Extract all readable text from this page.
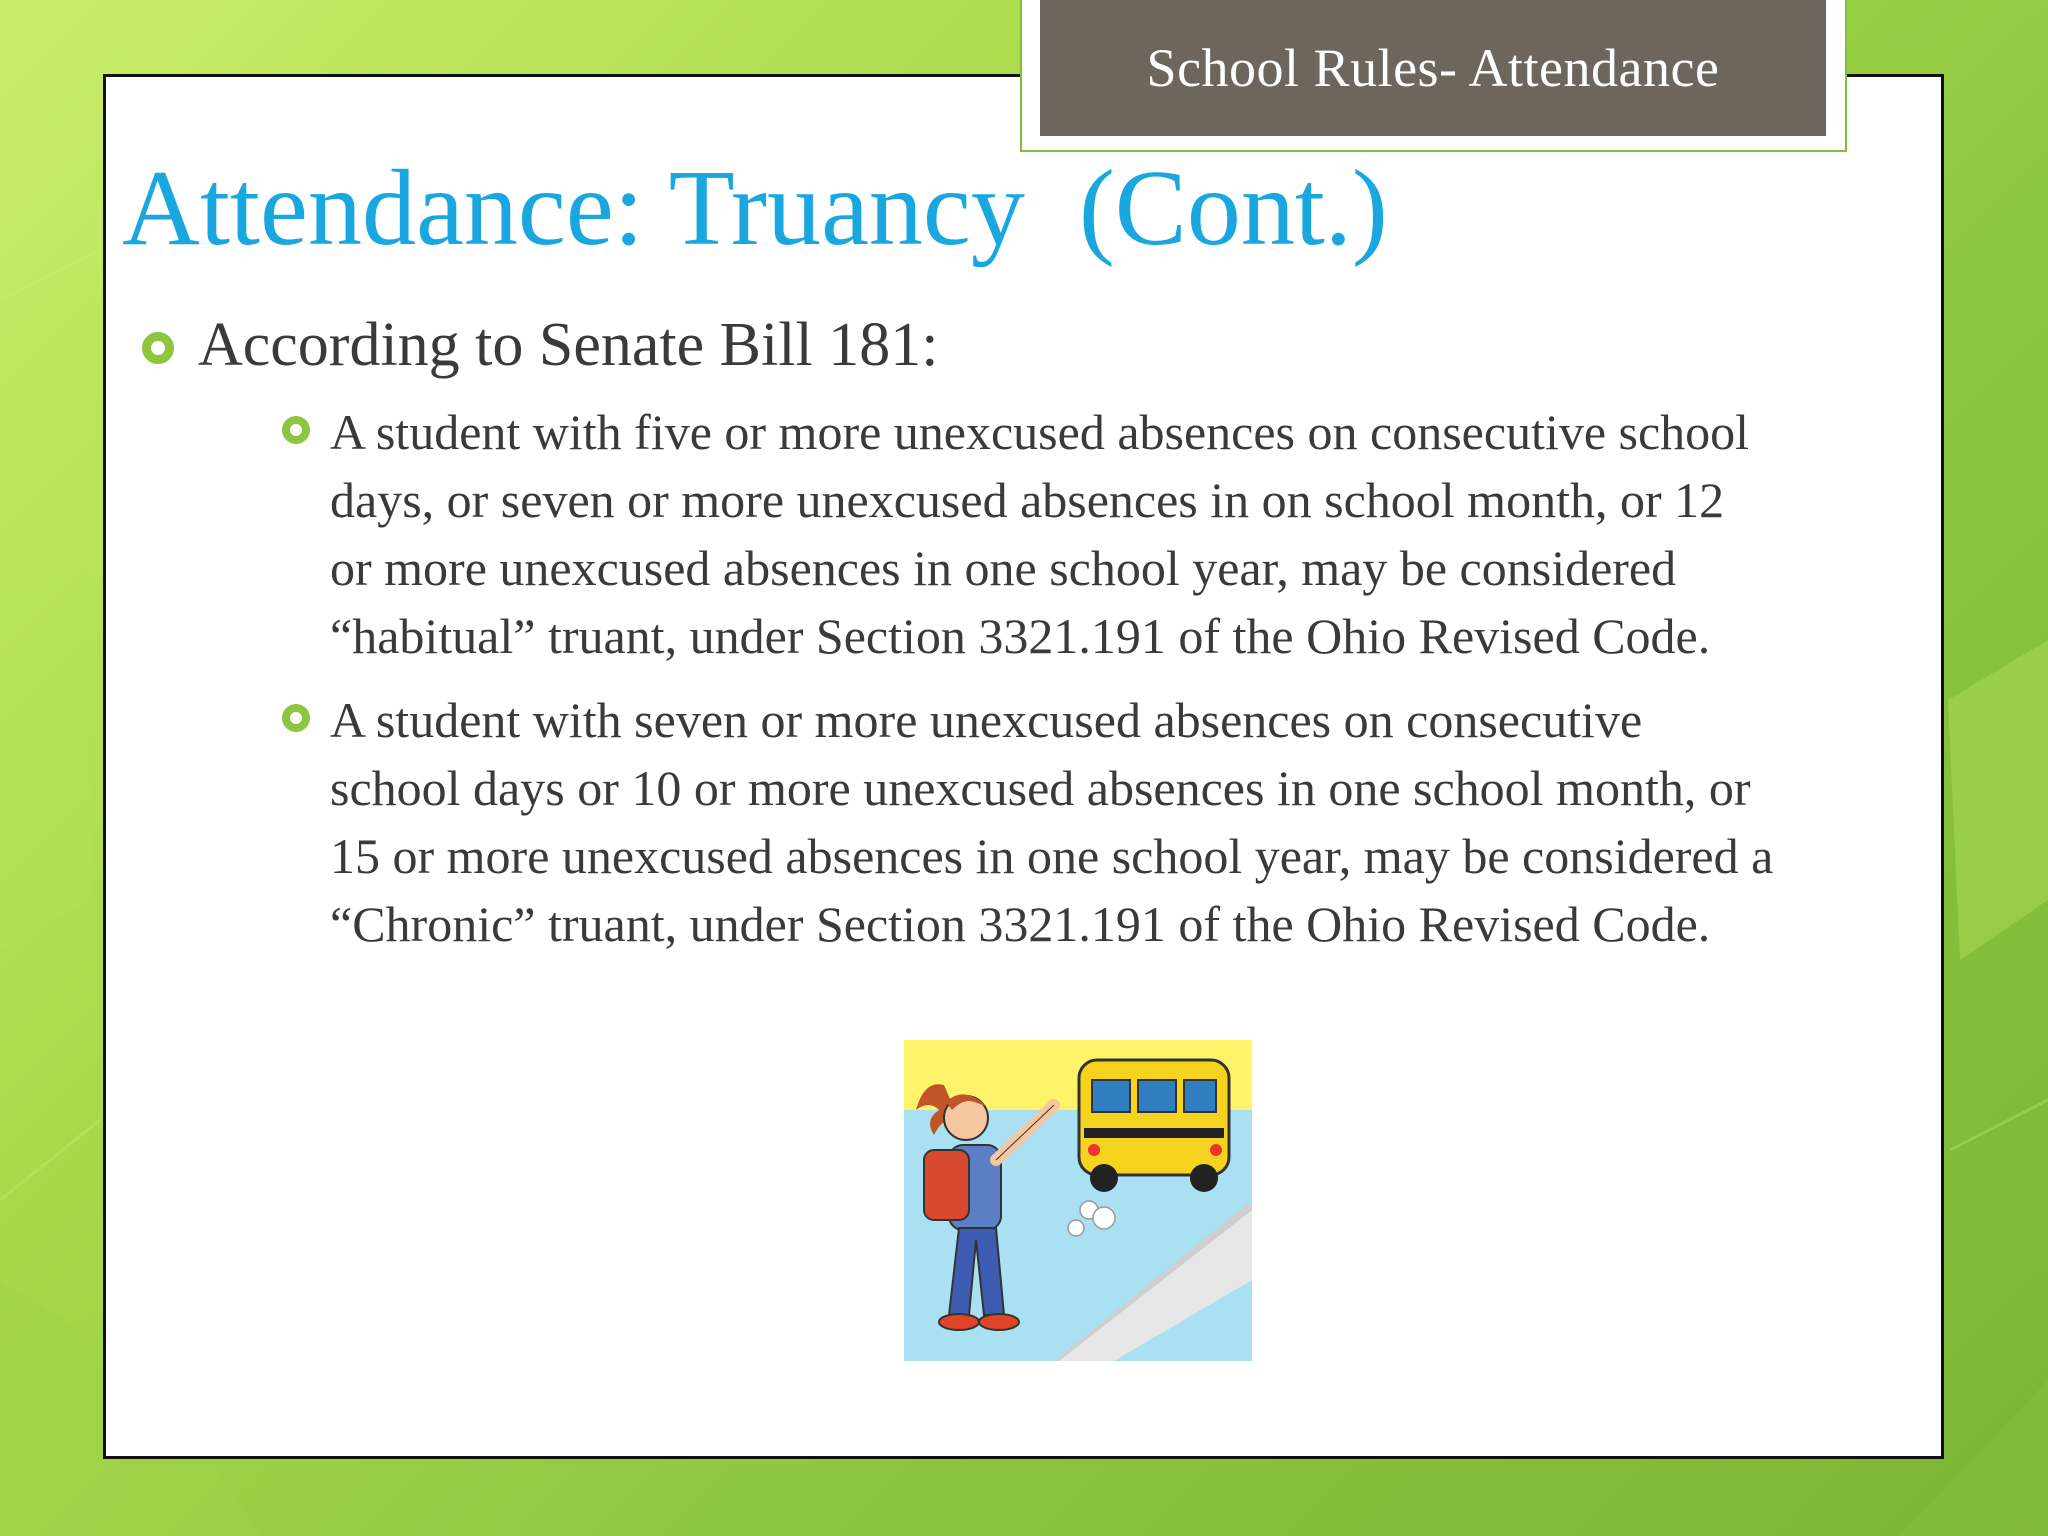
School Rules- Attendance
Attendance: Truancy  (Cont.)
According to Senate Bill 181:
A student with five or more unexcused absences on consecutive school
days, or seven or more unexcused absences in on school month, or 12
or more unexcused absences in one school year, may be considered
“habitual” truant, under Section 3321.191 of the Ohio Revised Code.
A student with seven or more unexcused absences on consecutive
school days or 10 or more unexcused absences in one school month, or
15 or more unexcused absences in one school year, may be considered a
“Chronic” truant, under Section 3321.191 of the Ohio Revised Code.
